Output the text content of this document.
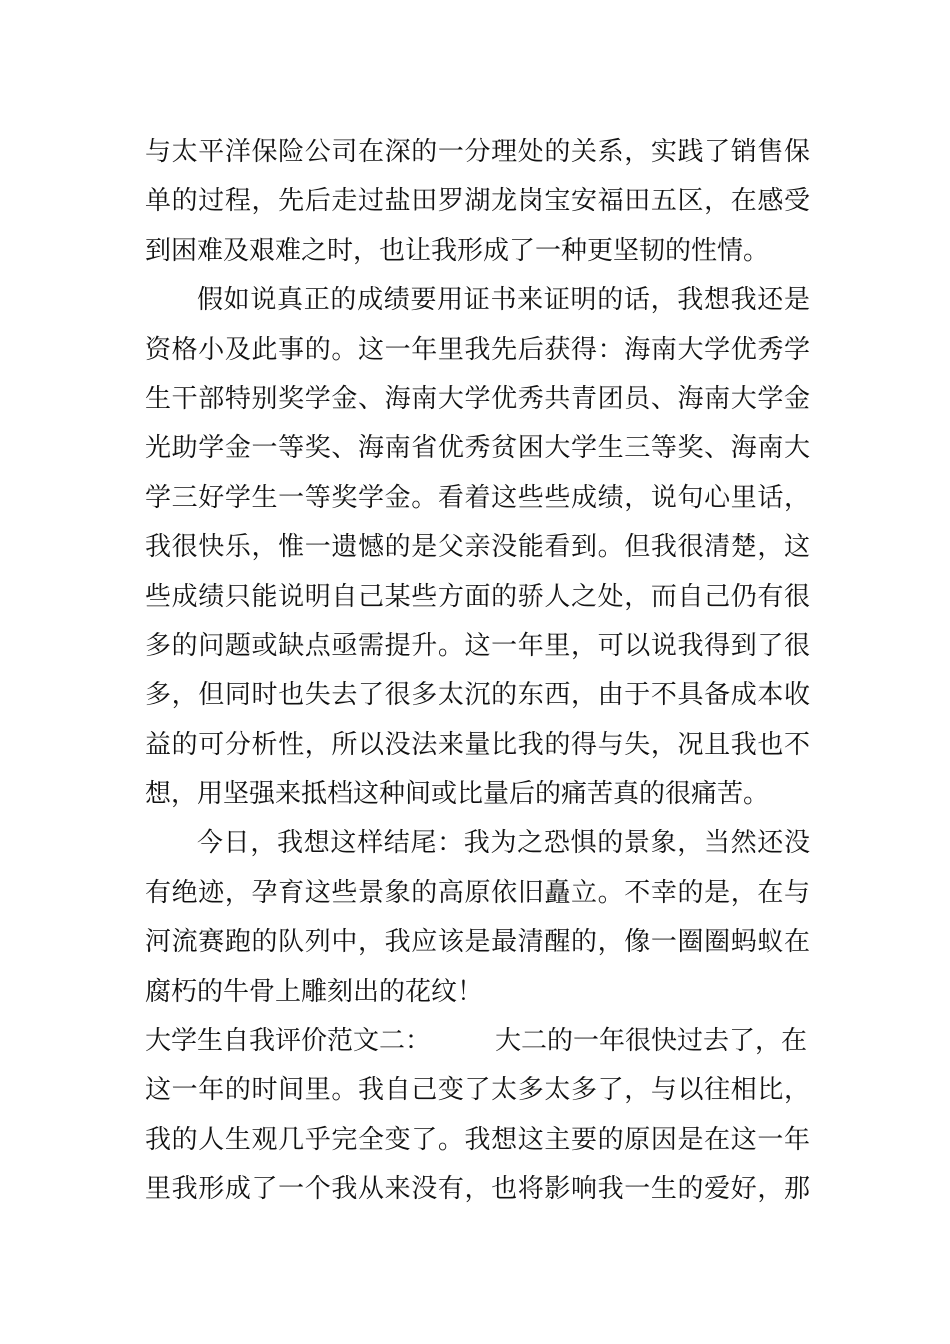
与太平洋保险公司在深的一分理处的关系，实践了销售保
单的过程，先后走过盐田罗湖龙岗宝安福田五区，在感受
到困难及艰难之时，也让我形成了一种更坚韧的性情。
假如说真正的成绩要用证书来证明的话，我想我还是
资格小及此事的。这一年里我先后获得：海南大学优秀学
生干部特别奖学金、海南大学优秀共青团员、海南大学金
光助学金一等奖、海南省优秀贫困大学生三等奖、海南大
学三好学生一等奖学金。看着这些些成绩，说句心里话，
我很快乐，惟一遗憾的是父亲没能看到。但我很清楚，这
些成绩只能说明自己某些方面的骄人之处，而自己仍有很
多的问题或缺点亟需提升。这一年里，可以说我得到了很
多，但同时也失去了很多太沉的东西，由于不具备成本收
益的可分析性，所以没法来量比我的得与失，况且我也不
想，用坚强来抵档这种间或比量后的痛苦真的很痛苦。
今日，我想这样结尾：我为之恐惧的景象，当然还没
有绝迹，孕育这些景象的高原依旧矗立。不幸的是，在与
河流赛跑的队列中，我应该是最清醒的，像一圈圈蚂蚁在
腐朽的牛骨上雕刻出的花纹！
大学生自我评价范文二： 大二的一年很快过去了，在
这一年的时间里。我自己变了太多太多了，与以往相比，
我的人生观几乎完全变了。我想这主要的原因是在这一年
里我形成了一个我从来没有，也将影响我一生的爱好，那
